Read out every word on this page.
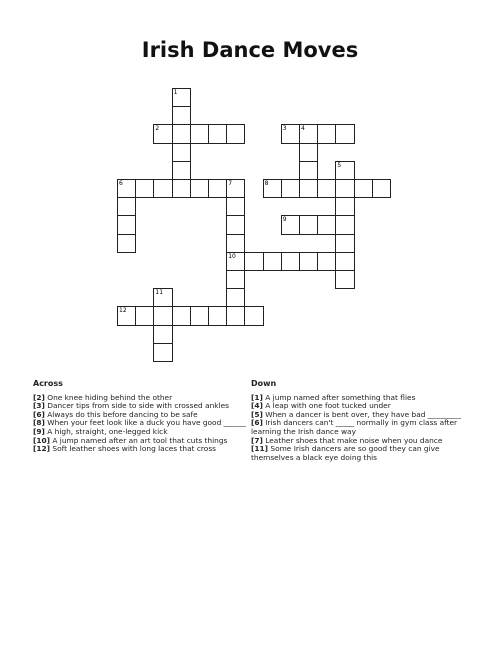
Irish Dance Moves
1
2	3 4
5
6	7	8
9
10
11
12
Across
[2] One knee hiding behind the other
[3] Dancer tips from side to side with crossed ankles
[6] Always do this before dancing to be safe
[8] When your feet look like a duck you have good ______
[9] A high, straight, one-legged kick
[10] A jump named after an art tool that cuts things
[12] Soft leather shoes with long laces that cross
Down
[1] A jump named after something that flies
[4] A leap with one foot tucked under
[5] When a dancer is bent over, they have bad _________
[6] Irish dancers can't _____ normally in gym class after learning the Irish dance way
[7] Leather shoes that make noise when you dance
[11] Some Irish dancers are so good they can give themselves a black eye doing this
